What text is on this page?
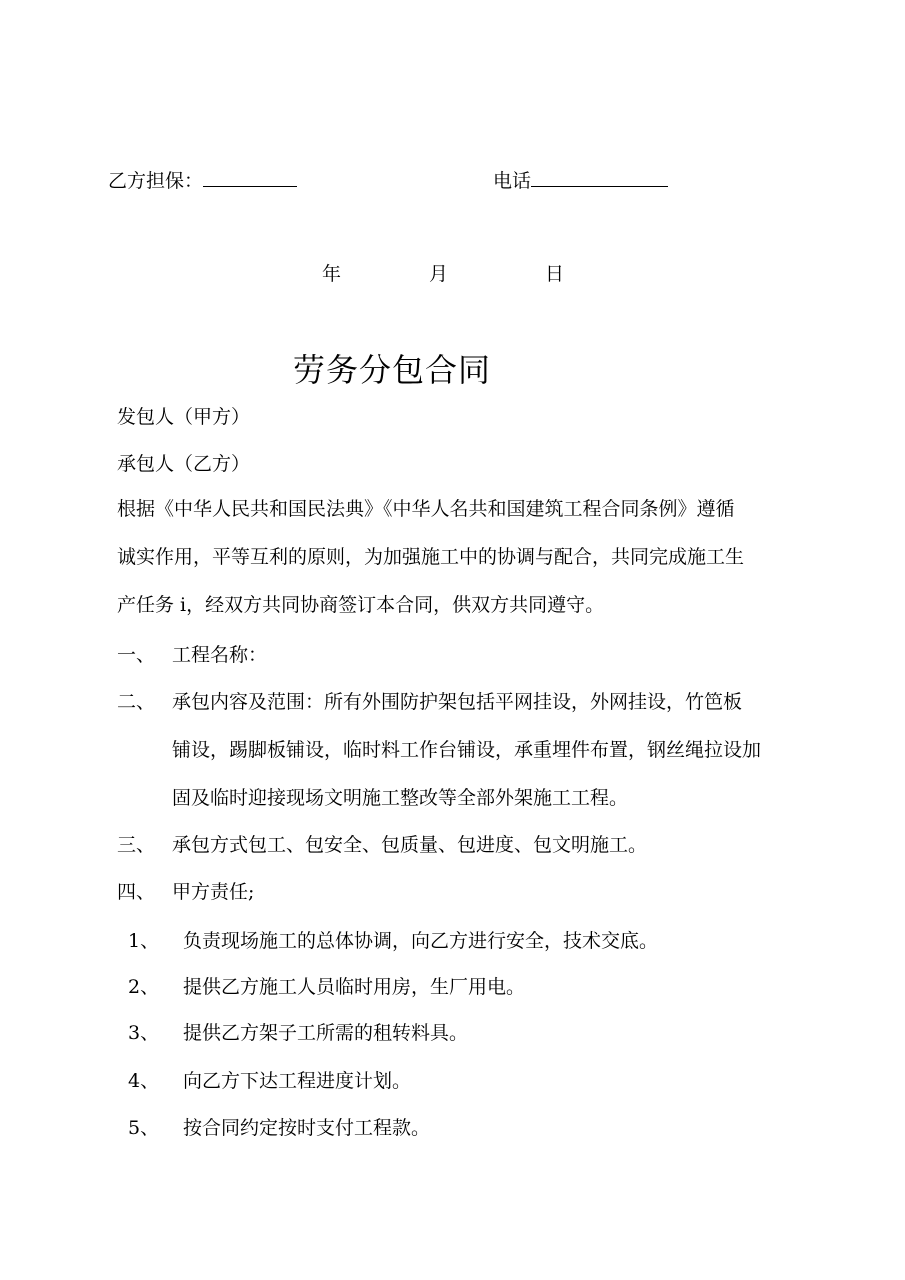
乙方担保：	电话
年	月	日
劳务分包合同
发包人（甲方）
承包人（乙方）
根据《中华人民共和国民法典》《中华人名共和国建筑工程合同条例》遵循
诚实作用，平等互利的原则，为加强施工中的协调与配合，共同完成施工生
产任务 i，经双方共同协商签订本合同，供双方共同遵守。
一、 工程名称：
二、 承包内容及范围：所有外围防护架包括平网挂设，外网挂设，竹笆板
铺设，踢脚板铺设，临时料工作台铺设，承重埋件布置，钢丝绳拉设加
固及临时迎接现场文明施工整改等全部外架施工工程。
三、 承包方式包工、包安全、包质量、包进度、包文明施工。
四、 甲方责任;
1、 负责现场施工的总体协调，向乙方进行安全，技术交底。
2、 提供乙方施工人员临时用房，生厂用电。
3、 提供乙方架子工所需的租转料具。
4、 向乙方下达工程进度计划。
5、 按合同约定按时支付工程款。
